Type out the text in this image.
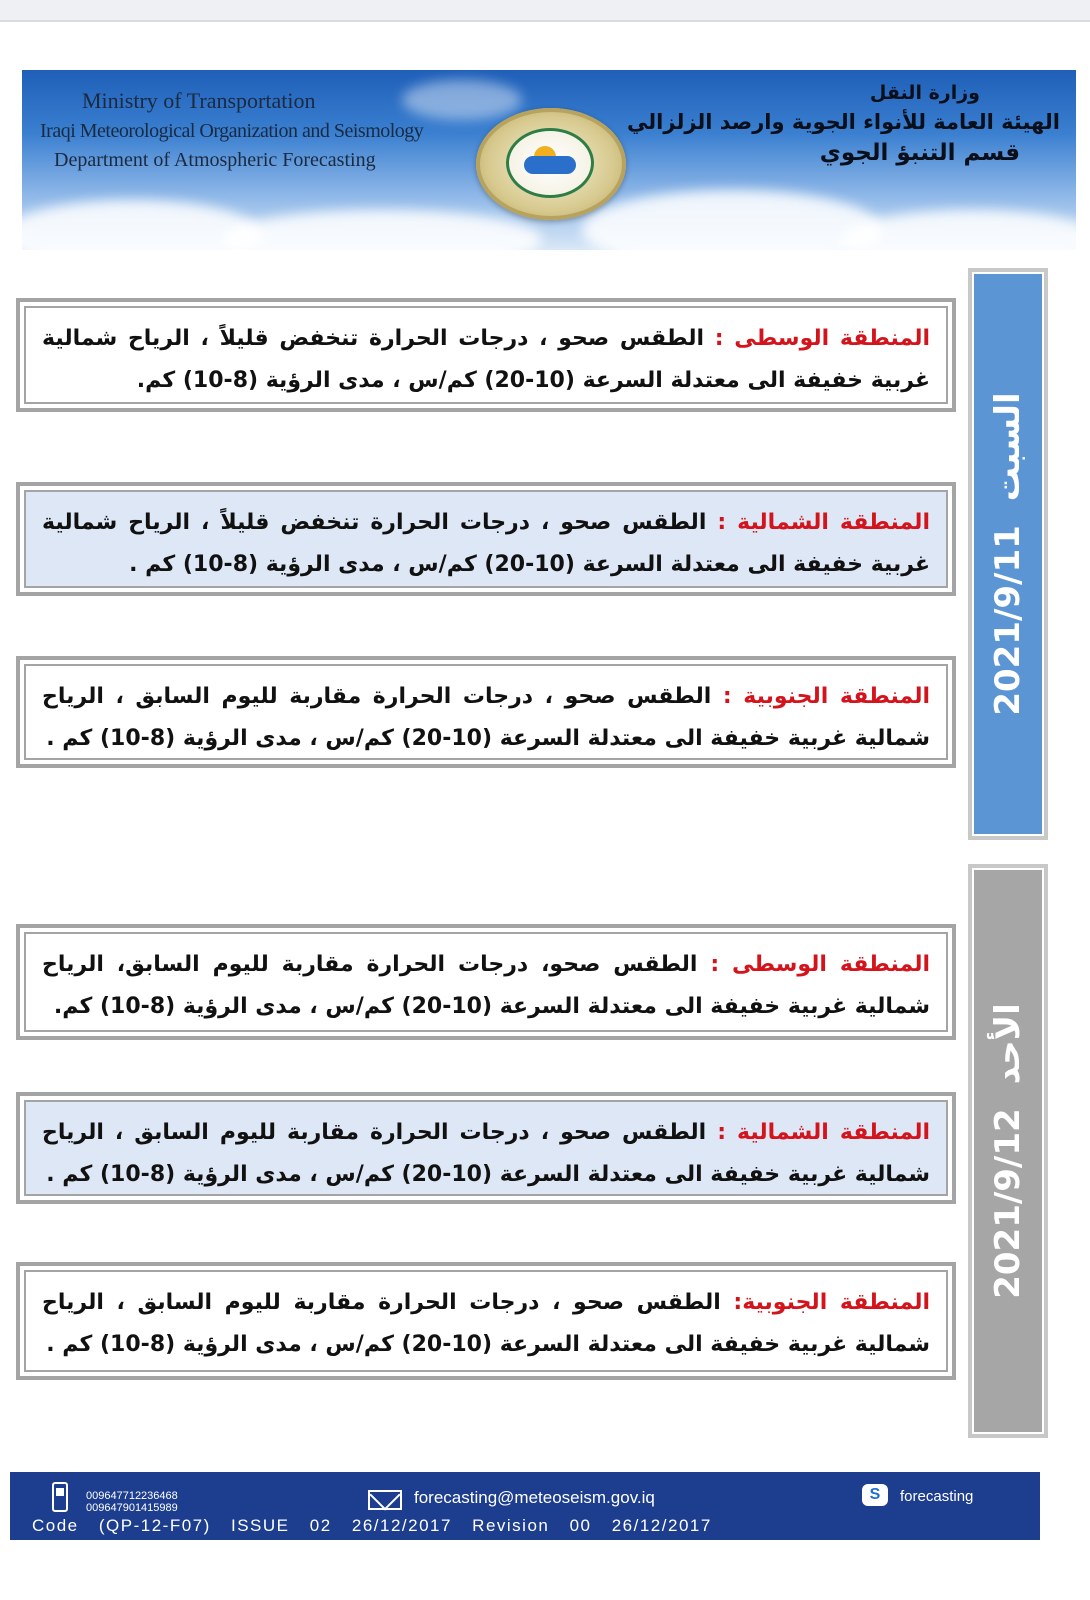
Ministry of Transportation
Iraqi Meteorological Organization and Seismology
Department of Atmospheric Forecasting
وزارة النقل
الهيئة العامة للأنواء الجوية وارصد الزلزالي
قسم التنبؤ الجوي
المنطقة الوسطى : الطقس صحو ، درجات الحرارة تنخفض قليلاً ، الرياح شمالية غربية خفيفة الى معتدلة السرعة (10-20) كم/س ، مدى الرؤية (8-10) كم.
المنطقة الشمالية : الطقس صحو ، درجات الحرارة تنخفض قليلاً ، الرياح شمالية غربية خفيفة الى معتدلة السرعة (10-20) كم/س ، مدى الرؤية (8-10) كم .
المنطقة الجنوبية : الطقس صحو ، درجات الحرارة مقاربة لليوم السابق ، الرياح شمالية غربية خفيفة الى معتدلة السرعة (10-20) كم/س ، مدى الرؤية (8-10) كم .
2021/9/11السبت
المنطقة الوسطى : الطقس صحو، درجات الحرارة مقاربة لليوم السابق، الرياح شمالية غربية خفيفة الى معتدلة السرعة (10-20) كم/س ، مدى الرؤية (8-10) كم.
المنطقة الشمالية : الطقس صحو ، درجات الحرارة مقاربة لليوم السابق ، الرياح شمالية غربية خفيفة الى معتدلة السرعة (10-20) كم/س ، مدى الرؤية (8-10) كم .
المنطقة الجنوبية: الطقس صحو ، درجات الحرارة مقاربة لليوم السابق ، الرياح شمالية غربية خفيفة الى معتدلة السرعة (10-20) كم/س ، مدى الرؤية (8-10) كم .
2021/9/12الأحد
009647712236468
009647901415989
forecasting@meteoseism.gov.iq	S	forecasting
Code (QP-12-F07) ISSUE 02 26/12/2017 Revision 00 26/12/2017
